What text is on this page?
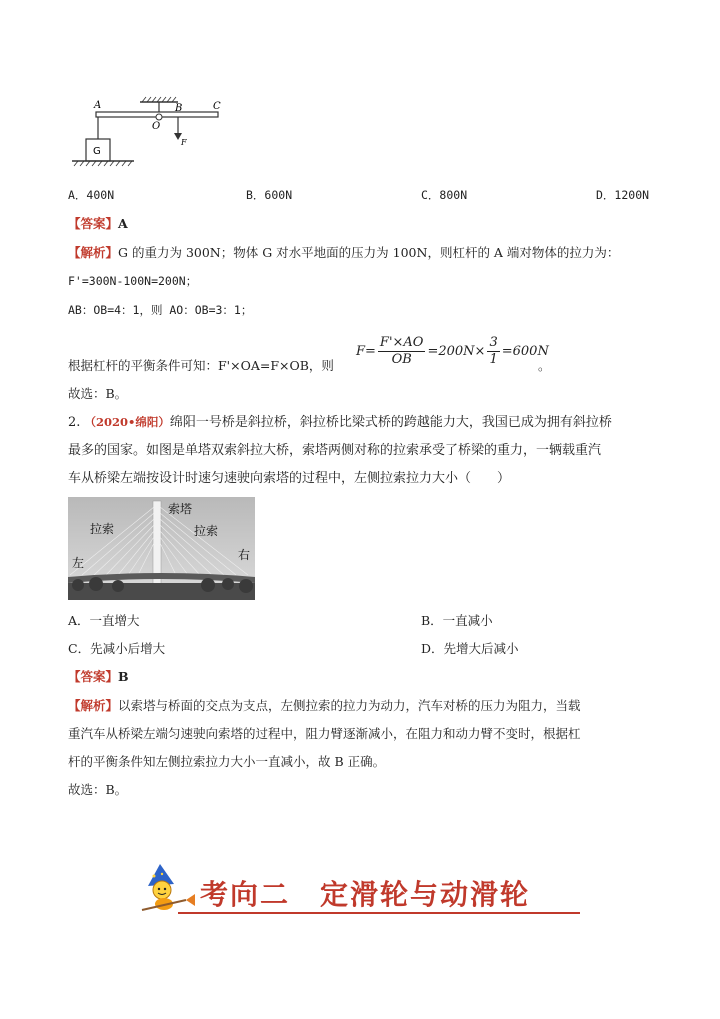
A	B	C
O
F
G
A．400N	B．600N	C．800N	D．1200N
【答案】A
【解析】G 的重力为 300N；物体 G 对水平地面的压力为 100N，则杠杆的 A 端对物体的拉力为：
F'=300N-100N=200N；
AB：OB=4：1，则 AO：OB=3：1；
根据杠杆的平衡条件可知：F'×OA=F×OB，则
$F= \frac{F'\times AO}{OB} =200N\times \frac{3}{1} =600N$
。
故选：B。
2. （2020•绵阳）绵阳一号桥是斜拉桥，斜拉桥比梁式桥的跨越能力大，我国已成为拥有斜拉桥
最多的国家。如图是单塔双索斜拉大桥，索塔两侧对称的拉索承受了桥梁的重力，一辆载重汽
车从桥梁左端按设计时速匀速驶向索塔的过程中，左侧拉索拉力大小（　　）
索塔
拉索	拉索
左
右
A．一直增大	B．一直减小
C．先减小后增大	D．先增大后减小
【答案】B
【解析】以索塔与桥面的交点为支点，左侧拉索的拉力为动力，汽车对桥的压力为阻力，当载
重汽车从桥梁左端匀速驶向索塔的过程中，阻力臂逐渐减小，在阻力和动力臂不变时，根据杠
杆的平衡条件知左侧拉索拉力大小一直减小，故 B 正确。
故选：B。
考向二　定滑轮与动滑轮
